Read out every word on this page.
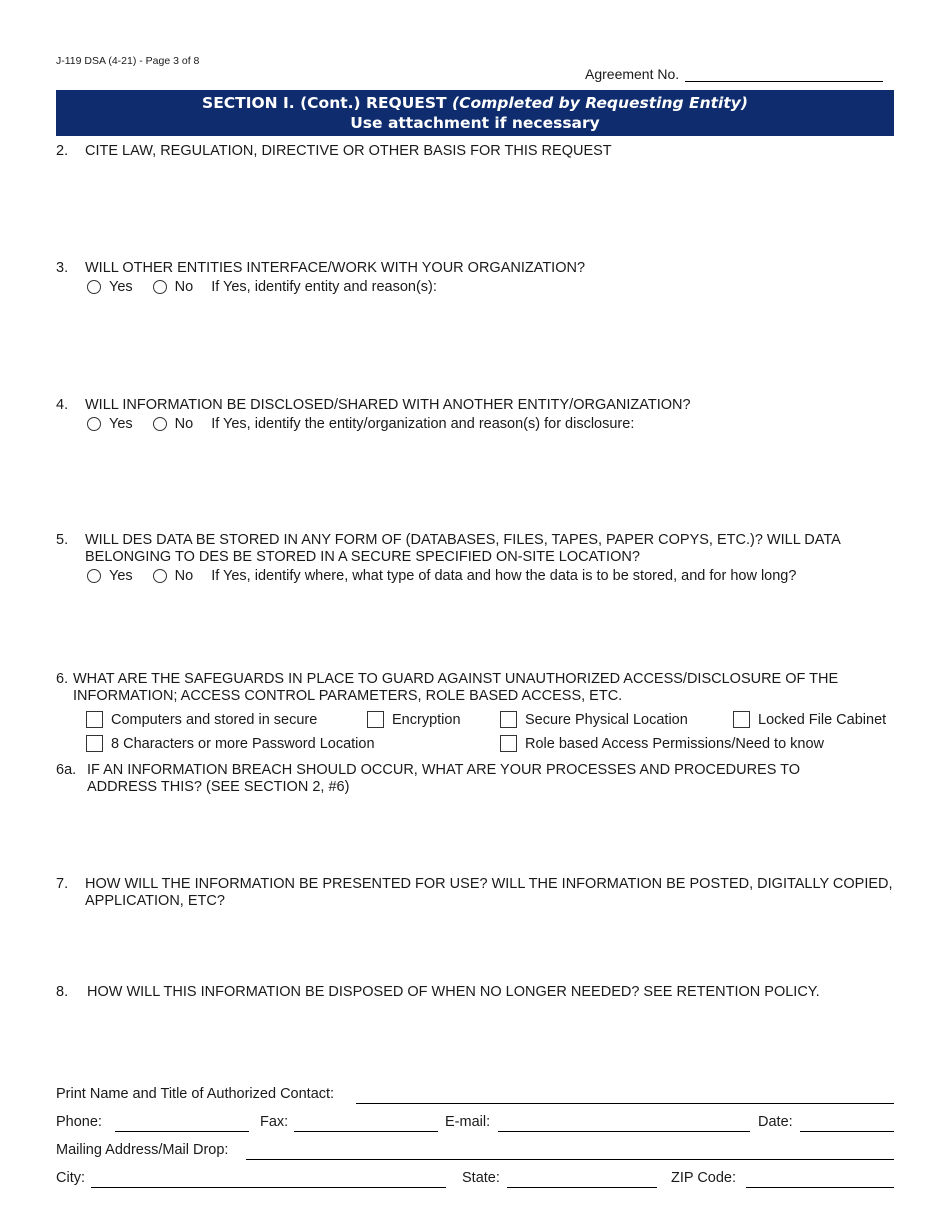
J-119 DSA (4-21) - Page 3 of 8
Agreement No.
SECTION I. (Cont.) REQUEST (Completed by Requesting Entity)
Use attachment if necessary
2. CITE LAW, REGULATION, DIRECTIVE OR OTHER BASIS FOR THIS REQUEST
3. WILL OTHER ENTITIES INTERFACE/WORK WITH YOUR ORGANIZATION?
Yes	No If Yes, identify entity and reason(s):
4. WILL INFORMATION BE DISCLOSED/SHARED WITH ANOTHER ENTITY/ORGANIZATION?
Yes	No If Yes, identify the entity/organization and reason(s) for disclosure:
5. WILL DES DATA BE STORED IN ANY FORM OF (DATABASES, FILES, TAPES, PAPER COPYS, ETC.)? WILL DATA BELONGING TO DES BE STORED IN A SECURE SPECIFIED ON-SITE LOCATION?
Yes	No If Yes, identify where, what type of data and how the data is to be stored, and for how long?
6. WHAT ARE THE SAFEGUARDS IN PLACE TO GUARD AGAINST UNAUTHORIZED ACCESS/DISCLOSURE OF THE INFORMATION; ACCESS CONTROL PARAMETERS, ROLE BASED ACCESS, ETC.
Computers and stored in secure	Encryption	Secure Physical Location	Locked File Cabinet
8 Characters or more Password Location	Role based Access Permissions/Need to know
6a. IF AN INFORMATION BREACH SHOULD OCCUR, WHAT ARE YOUR PROCESSES AND PROCEDURES TO ADDRESS THIS? (SEE SECTION 2, #6)
7. HOW WILL THE INFORMATION BE PRESENTED FOR USE? WILL THE INFORMATION BE POSTED, DIGITALLY COPIED, APPLICATION, ETC?
8. HOW WILL THIS INFORMATION BE DISPOSED OF WHEN NO LONGER NEEDED? SEE RETENTION POLICY.
Print Name and Title of Authorized Contact:
Phone:	Fax:	E-mail:	Date:
Mailing Address/Mail Drop:
City:	State:	ZIP Code:
